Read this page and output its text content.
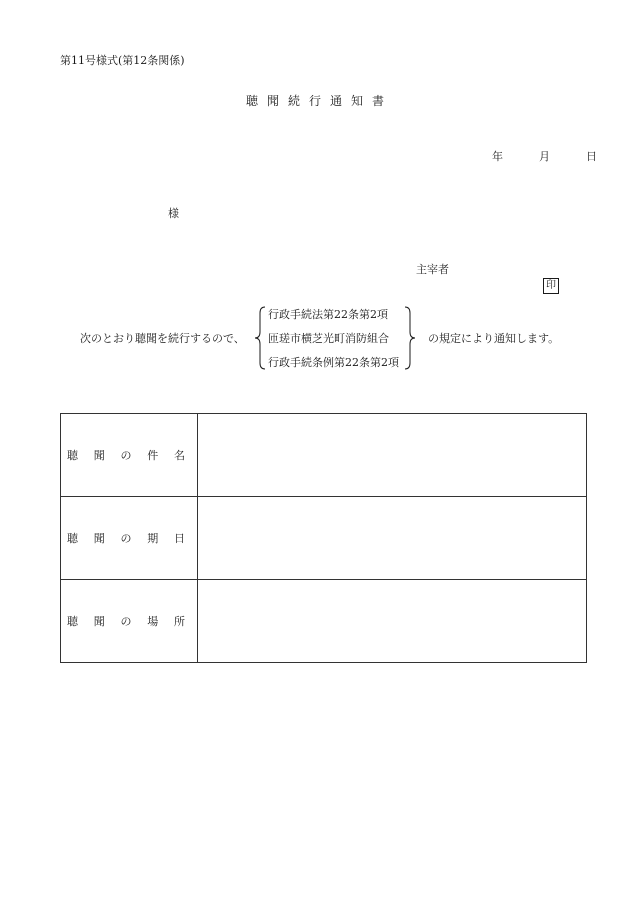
第11号様式(第12条関係)
聴聞続行通知書
年	月	日
様
主宰者
印
次のとおり聴聞を続行するので、
行政手続法第22条第2項
匝瑳市横芝光町消防組合
行政手続条例第22条第2項
の規定により通知します。
聴 聞 の 件 名	

聴 聞 の 期 日	

聴 聞 の 場 所	
